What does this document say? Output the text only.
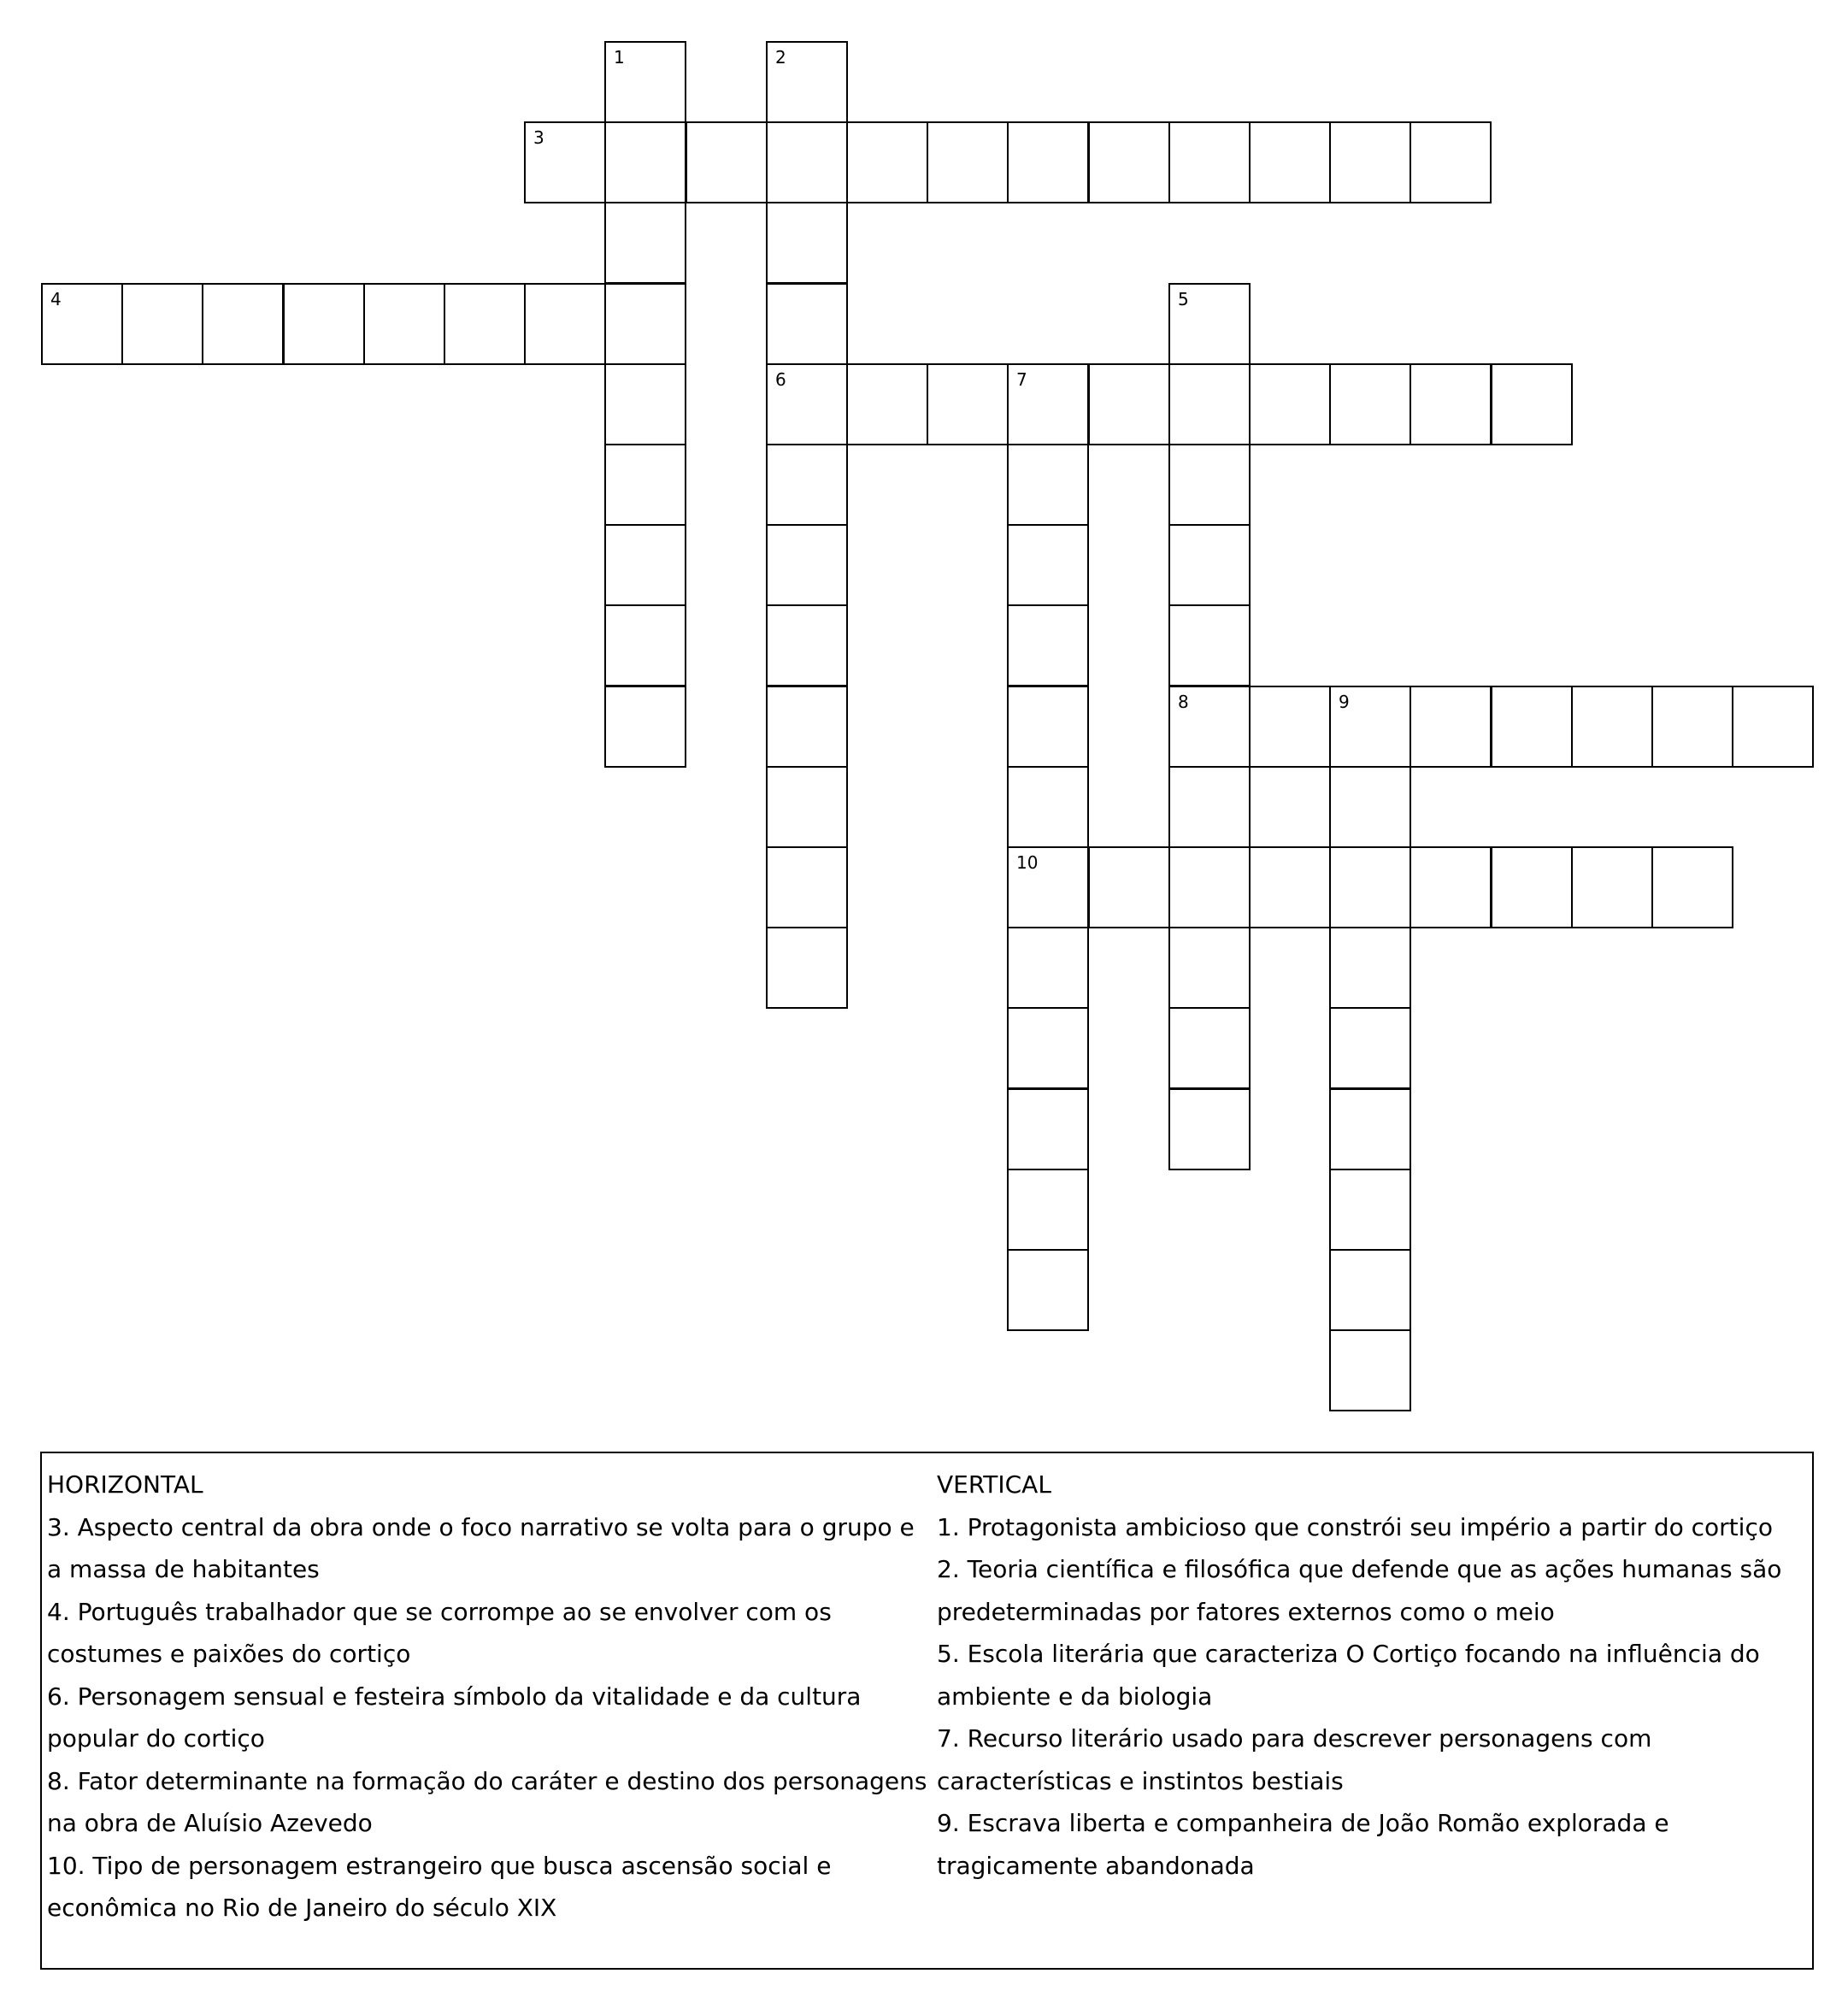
1	2
6
3
4	5
8
7
10
9
HORIZONTAL
3. Aspecto central da obra onde o foco narrativo se volta para o grupo e a massa de habitantes
4. Português trabalhador que se corrompe ao se envolver com os costumes e paixões do cortiço
6. Personagem sensual e festeira símbolo da vitalidade e da cultura popular do cortiço
8. Fator determinante na formação do caráter e destino dos personagens na obra de Aluísio Azevedo
10. Tipo de personagem estrangeiro que busca ascensão social e econômica no Rio de Janeiro do século XIX
VERTICAL
1. Protagonista ambicioso que constrói seu império a partir do cortiço
2. Teoria científica e filosófica que defende que as ações humanas são predeterminadas por fatores externos como o meio
5. Escola literária que caracteriza O Cortiço focando na influência do ambiente e da biologia
7. Recurso literário usado para descrever personagens com características e instintos bestiais
9. Escrava liberta e companheira de João Romão explorada e tragicamente abandonada
